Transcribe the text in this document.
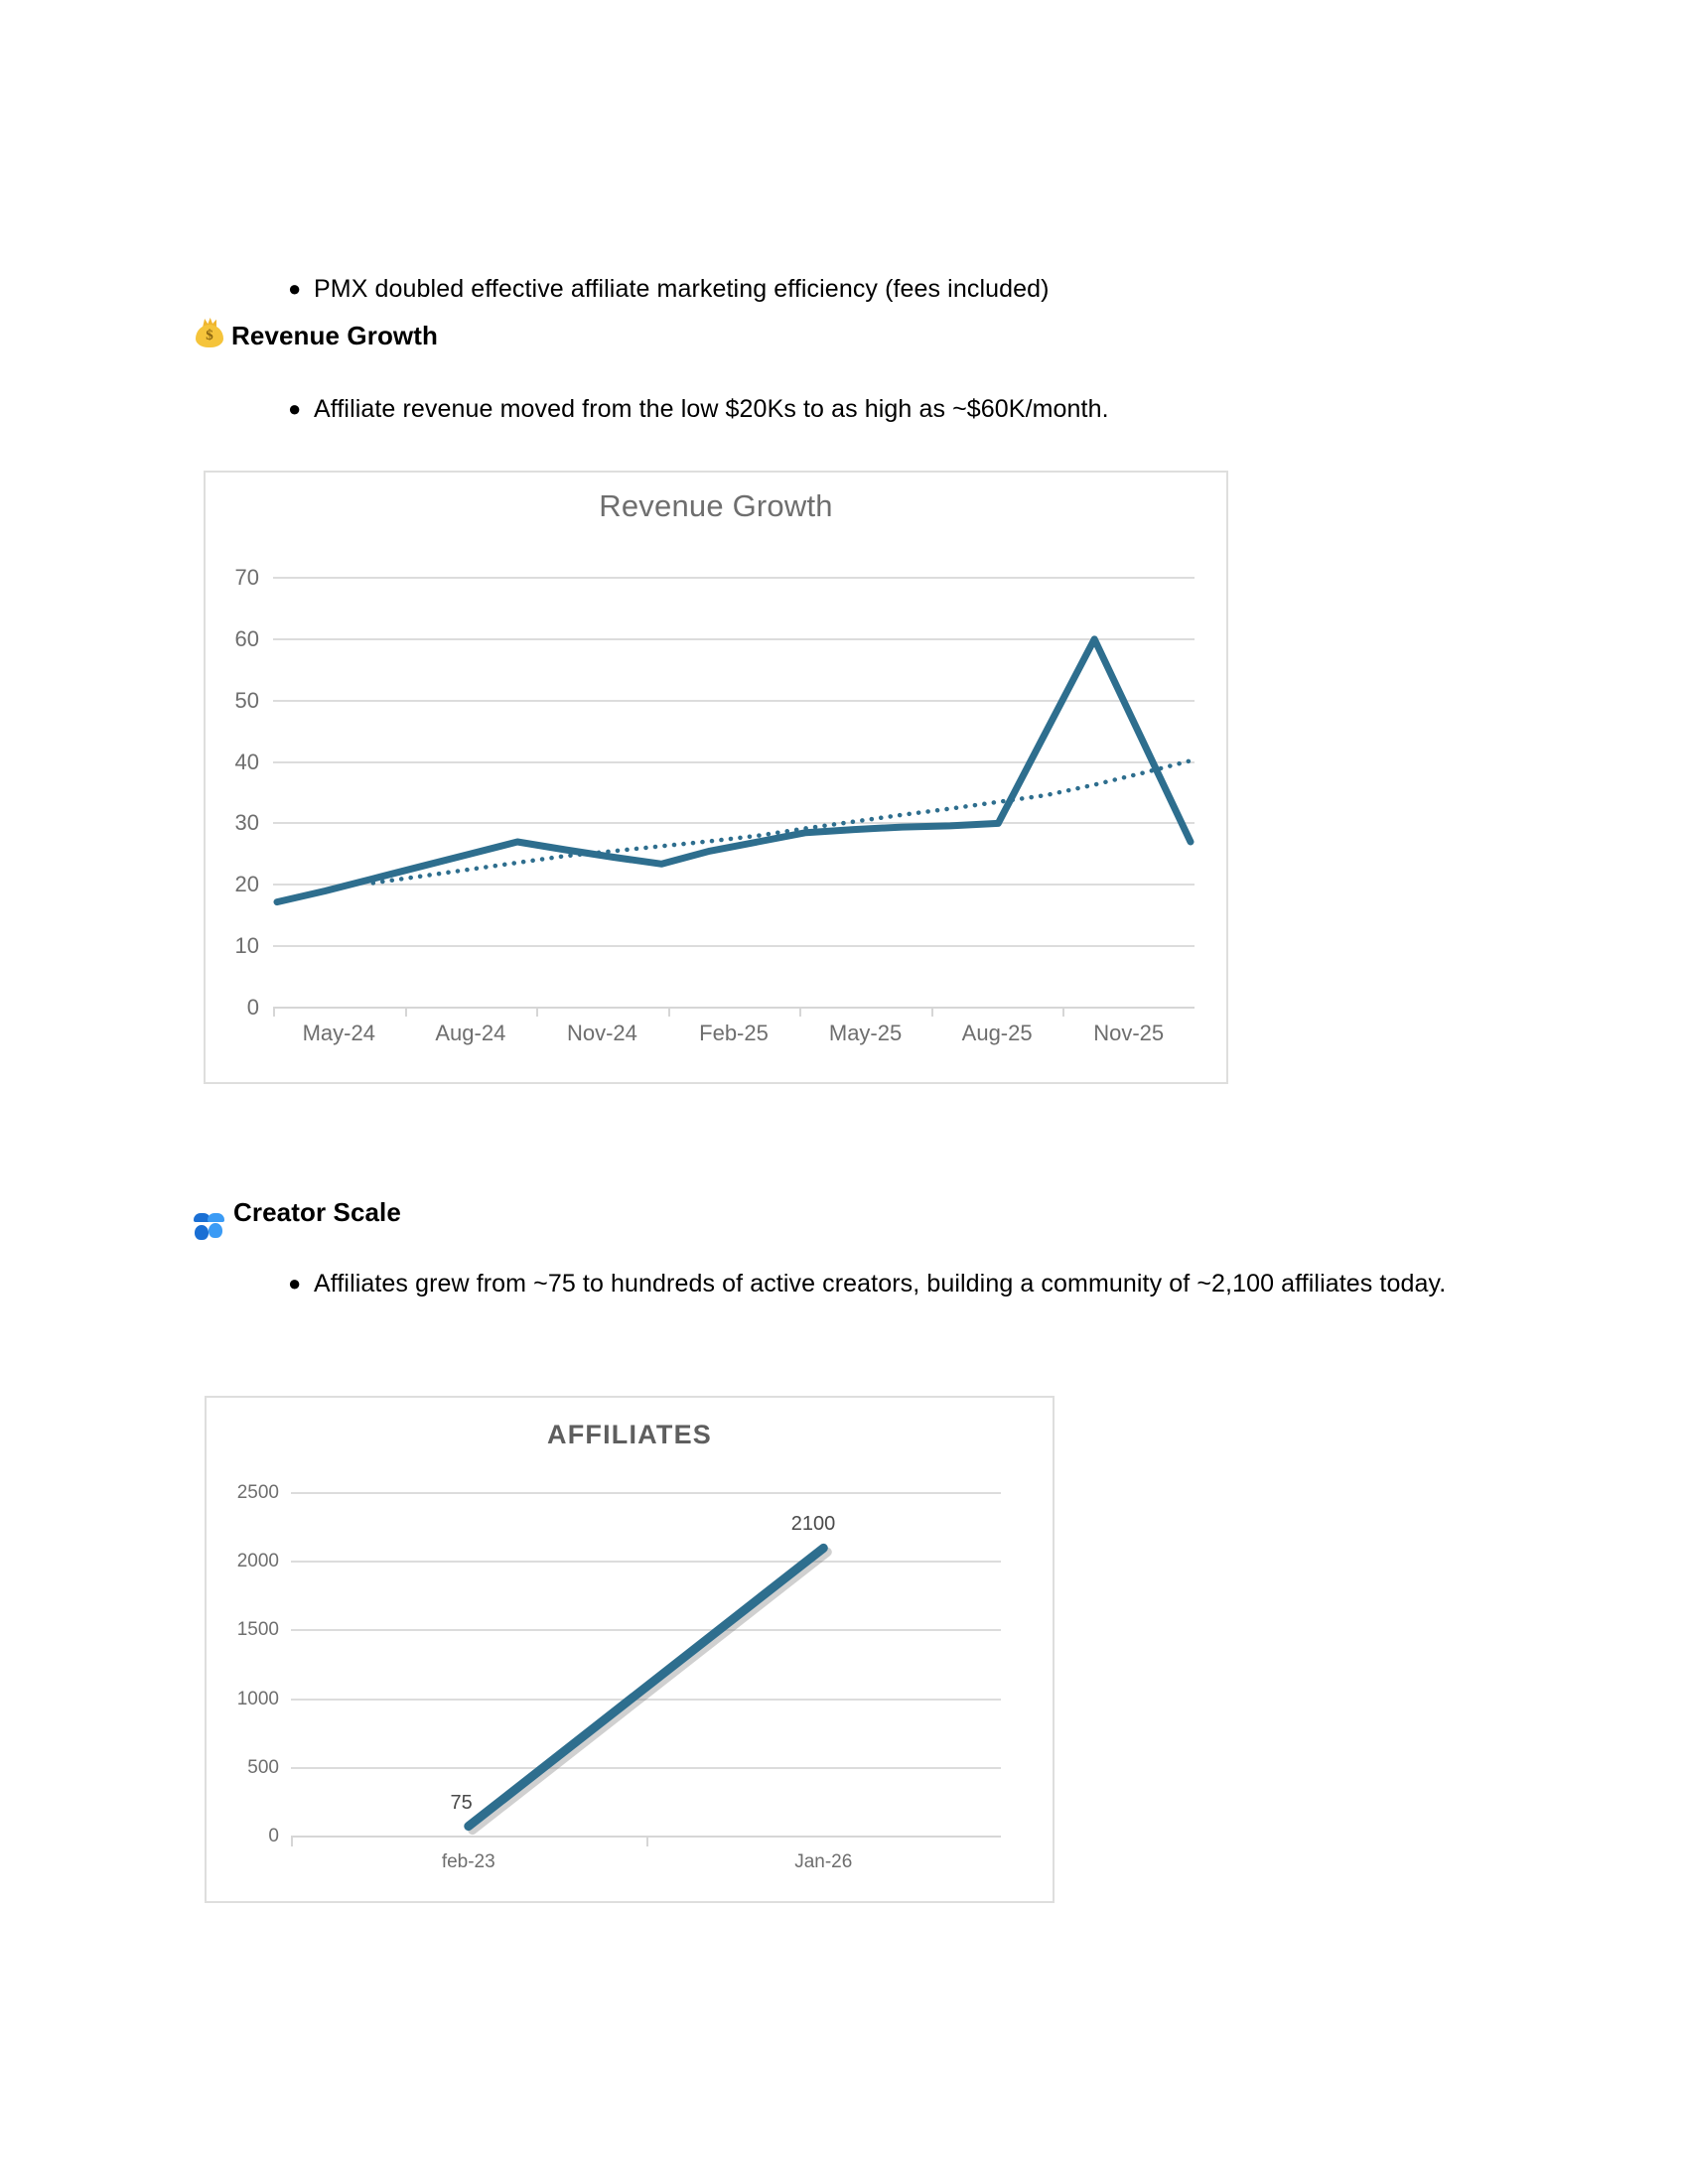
● PMX doubled effective affiliate marketing efficiency (fees included)
$ Revenue Growth
● Affiliate revenue moved from the low $20Ks to as high as ~$60K/month.
Revenue Growth
0
10
20
30
40
50
60
70
May-24	Aug-24	Nov-24	Feb-25	May-25	Aug-25	Nov-25
Creator Scale
● Affiliates grew from ~75 to hundreds of active creators, building a community of ~2,100 affiliates today.
AFFILIATES
0
500
1000
1500
2000
2500
feb-23	Jan-26
75
2100
